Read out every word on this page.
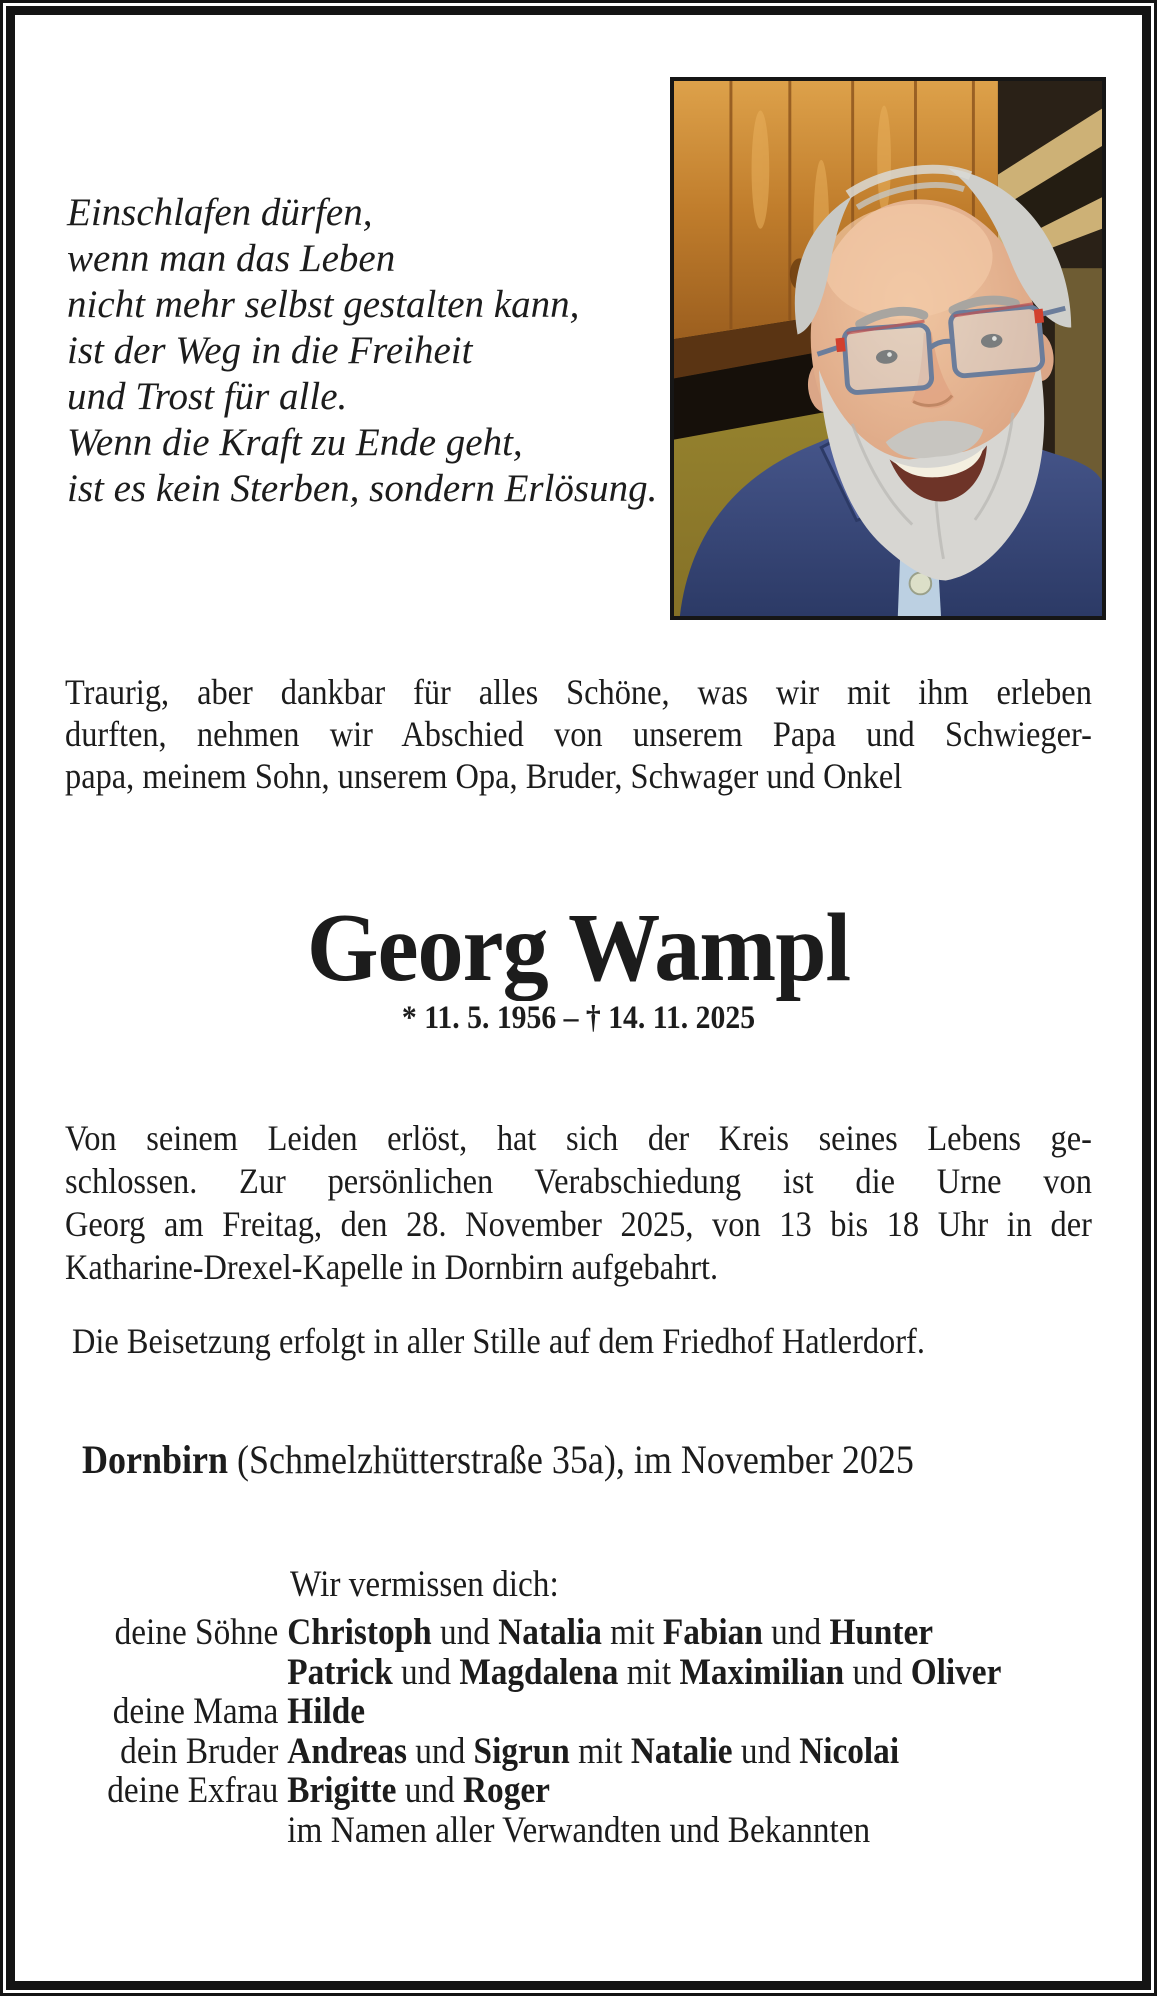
Einschlafen dürfen,
wenn man das Leben
nicht mehr selbst gestalten kann,
ist der Weg in die Freiheit
und Trost für alle.
Wenn die Kraft zu Ende geht,
ist es kein Sterben, sondern Erlösung.
Traurig, aber dankbar für alles Schöne, was wir mit ihm erleben
durften, nehmen wir Abschied von unserem Papa und Schwieger-
papa, meinem Sohn, unserem Opa, Bruder, Schwager und Onkel
Georg Wampl
* 11. 5. 1956 – † 14. 11. 2025
Von seinem Leiden erlöst, hat sich der Kreis seines Lebens ge-
schlossen. Zur persönlichen Verabschiedung ist die Urne von
Georg am Freitag, den 28. November 2025, von 13 bis 18 Uhr in der
Katharine-Drexel-Kapelle in Dornbirn aufgebahrt.
Die Beisetzung erfolgt in aller Stille auf dem Friedhof Hatlerdorf.
Dornbirn (Schmelzhütterstraße 35a), im November 2025
Wir vermissen dich:
deine Söhne Christoph und Natalia mit Fabian und Hunter
Patrick und Magdalena mit Maximilian und Oliver
deine Mama Hilde
dein Bruder Andreas und Sigrun mit Natalie und Nicolai
deine Exfrau Brigitte und Roger
im Namen aller Verwandten und Bekannten
